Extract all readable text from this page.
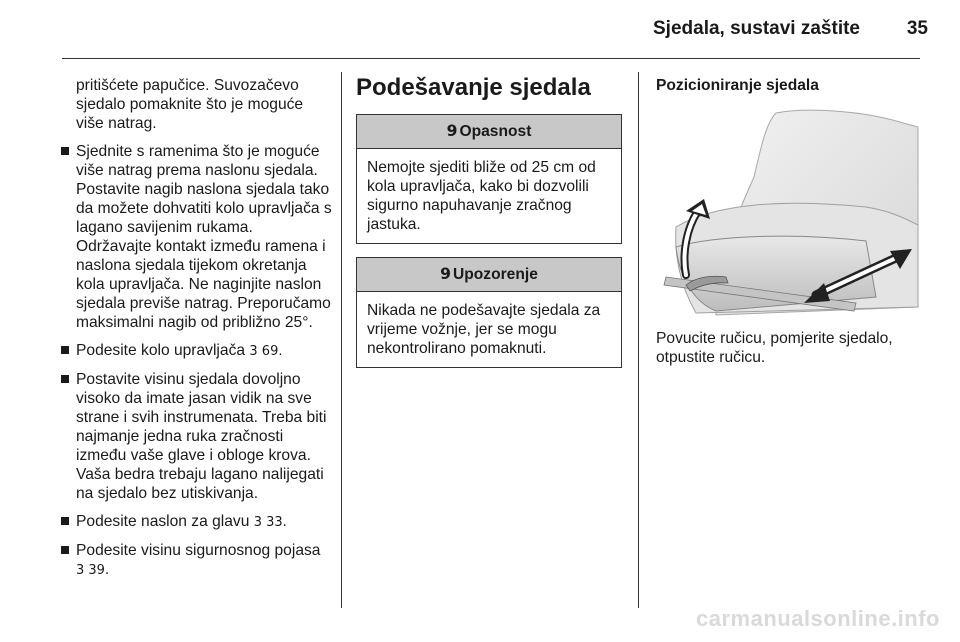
Sjedala, sustavi zaštite	35

pritišćete papučice. Suvozačevo sjedalo pomaknite što je moguće više natrag.

Sjednite s ramenima što je moguće više natrag prema naslonu sjedala. Postavite nagib naslona sjedala tako da možete dohvatiti kolo upravljača s lagano savijenim rukama. Održavajte kontakt između ramena i naslona sjedala tijekom okretanja kola upravljača. Ne naginjite naslon sjedala previše natrag. Preporučamo maksimalni nagib od približno 25°.
Podesite kolo upravljača 3 69.
Postavite visinu sjedala dovoljno visoko da imate jasan vidik na sve strane i svih instrumenata. Treba biti najmanje jedna ruka zračnosti između vaše glave i obloge krova. Vaša bedra trebaju lagano nalijegati na sjedalo bez utiskivanja.
Podesite naslon za glavu 3 33.
Podesite visinu sigurnosnog pojasa 3 39.
Podešavanje sjedala
9 Opasnost
Nemojte sjediti bliže od 25 cm od kola upravljača, kako bi dozvolili sigurno napuhavanje zračnog jastuka.
9 Upozorenje
Nikada ne podešavajte sjedala za vrijeme vožnje, jer se mogu nekontrolirano pomaknuti.
Pozicioniranje sjedala
Povucite ručicu, pomjerite sjedalo, otpustite ručicu.
carmanualsonline.info
